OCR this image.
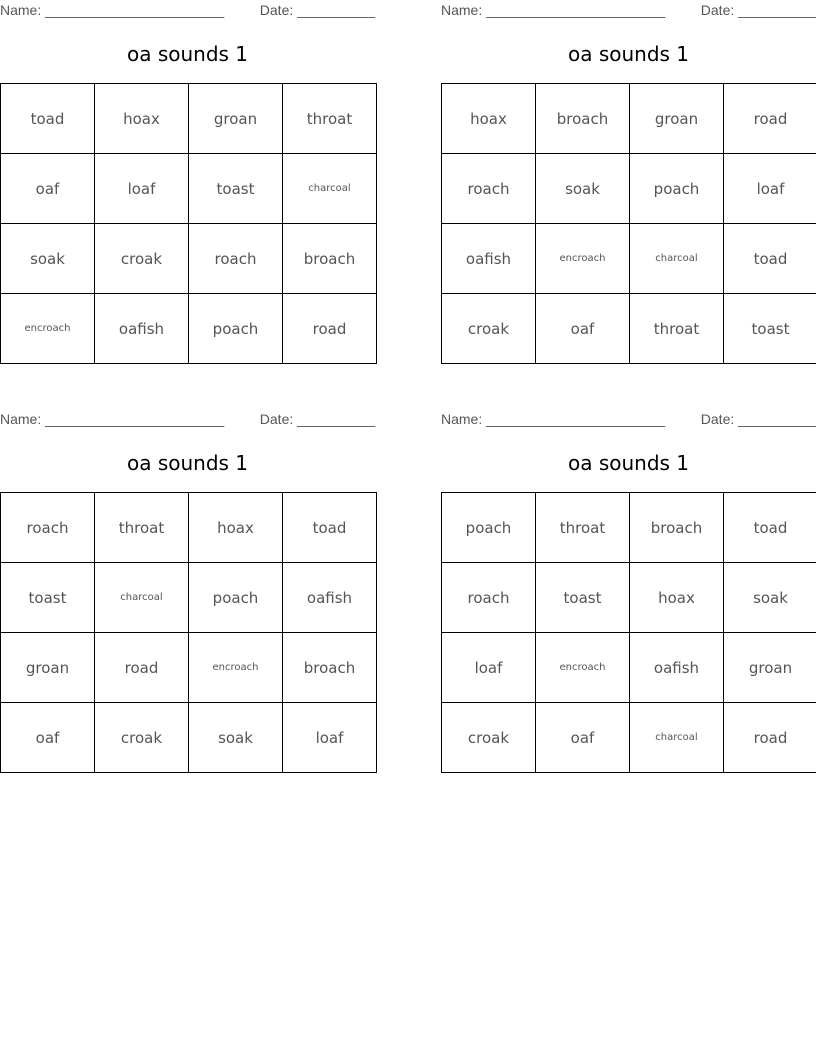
Name: _______________________	Date: __________
oa sounds 1
toad	hoax	groan	throat
oaf	loaf	toast	charcoal
soak	croak	roach	broach
encroach	oafish	poach	road
Name: _______________________	Date: __________
oa sounds 1
hoax	broach	groan	road
roach	soak	poach	loaf
oafish	encroach	charcoal	toad
croak	oaf	throat	toast
Name: _______________________	Date: __________
oa sounds 1
roach	throat	hoax	toad
toast	charcoal	poach	oafish
groan	road	encroach	broach
oaf	croak	soak	loaf
Name: _______________________	Date: __________
oa sounds 1
poach	throat	broach	toad
roach	toast	hoax	soak
loaf	encroach	oafish	groan
croak	oaf	charcoal	road
